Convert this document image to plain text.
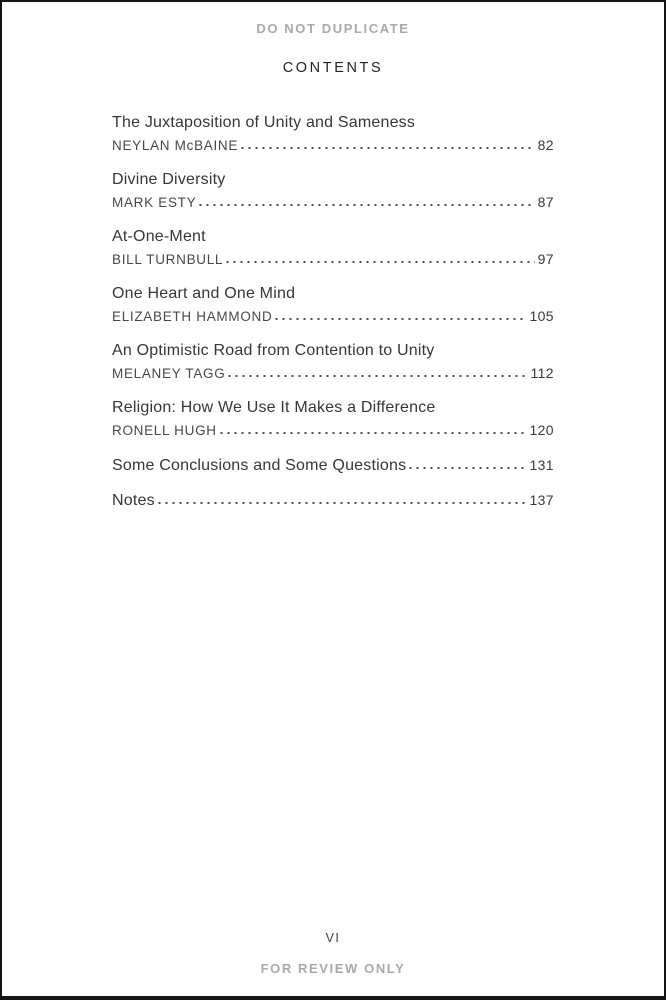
DO NOT DUPLICATE
CONTENTS
The Juxtaposition of Unity and Sameness
NEYLAN McBAINE	82
Divine Diversity
MARK ESTY	87
At-One-Ment
BILL TURNBULL	97
One Heart and One Mind
ELIZABETH HAMMOND	105
An Optimistic Road from Contention to Unity
MELANEY TAGG	112
Religion: How We Use It Makes a Difference
RONELL HUGH	120
Some Conclusions and Some Questions	131
Notes	137
VI
FOR REVIEW ONLY
